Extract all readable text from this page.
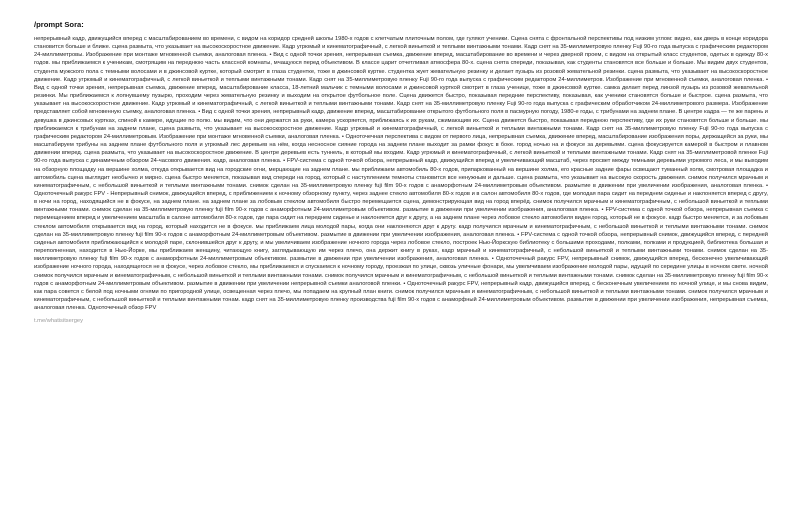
/prompt Sora:

непрерывный кадр, движущийся вперед с масштабированием во времени, с видом на коридор средней школы 1980-х годов с клетчатым плиточным полом, где гуляют ученики. Сцена снята с фронтальной перспективы под низким углом: видно, как дверь в конце коридора становится больше и ближе. сцена размыта, что указывает на высокоскоростное движение. Кадр угрюмый и кинематографичный, с легкой виньеткой и теплыми винтажными тонами. Кадр снят на 35-миллиметровую пленку Fuji 90-го года выпуска с графическим редактором 24-миллиметровы. Изображение при монтаже мгновенной съемки, аналоговая пленка. • Вид с одной точки зрения, непрерывная съемка, движение вперед, масштабирование во времени и через дверной проем, с видом на открытый класс студентов, одетых в одежду 80-х годов. мы приближаемся к ученикам, смотрящим на переднюю часть классной комнаты, мчащуюся перед объективом. В классе царит отчетливая атмосфера 80-х. сцена снята спереди, показывая, как студенты становятся все больше и больше. Мы видим двух студентов, студента мужского пола с темными волосами и в джинсовой куртке, который смотрит в глаза студентке, тоже в джинсовой куртке. студентка жует жевательную резинку и делает пузырь из розовой жевательной резинки. сцена размыта, что указывает на высокоскоростное движение. Кадр угрюмый и кинематографичный, с легкой виньеткой и теплыми винтажными тонами. Кадр снят на 35-миллиметровую пленку Fuji 90-го года выпуска с графическим редактором 24-миллиметров. Изображение при мгновенной съемки, аналоговая пленка. • Вид с одной точки зрения, непрерывная съемка, движение вперед, масштабирование класса, 18-летний мальчик с темными волосами и джинсовой курткой смотрит в глаза ученице, тоже в джинсовой куртке. самка делает перед линзой пузырь из розовой жевательной резинки. Мы приближаемся к лопнувшему пузырю, проходим через жевательную резинку и выходим на открытое футбольное поле. Сцена движется быстро, показывая передние перспективу, показывая, как ученики становятся больше и быстрое. сцена размыта, что указывает на высокоскоростное движение. Кадр угрюмый и кинематографичный, с легкой виньеткой и теплыми винтажными тонами. Кадр снят на 35-миллиметровую пленку Fuji 90-го года выпуска с графическим обработчиком 24-миллиметрового размера. Изображение представляет собой мгновенную съемку, аналоговая пленка. • Вид с одной точки зрения, непрерывный кадр, движение вперед, масштабирование открытого футбольного поля в пасмурную погоду, 1980-е годы, с трибунами на заднем плане. В центре кадра — те же парень и девушка в джинсовых куртках, спиной к камере, идущие по полю. мы видим, что они держатся за руки, камера ускоряется, приближаясь к их рукам, сжимающим их. Сцена движется быстро, показывая переднюю перспективу, где их руки становятся больше и больше. мы приближаемся к трибунам на заднем плане, сцена размыта, что указывает на высокоскоростное движение. Кадр угрюмый и кинематографичный, с легкой виньеткой и теплыми винтажными тонами. Кадр снят на 35-миллиметровую пленку Fuji 90-го года выпуска с графическим редактором 24-миллиметровым. Изображение при монтаже мгновенной съемки, аналоговая пленка. • Одноточечная перспектива с видом от первого лица, непрерывная съемка, движение вперед, масштабирование изображения поры, держащейся за руки, мы масштабируем трибуны на заднем плане футбольного поля и угрюмый лес деревьев на нём, когда несносное сияние города на заднем плане выходит за рамки фокус в боке. город ночью на и фокусе за деревьями. сцена фокусируется камерой в быстром и плавном движении вперед. сцена размыта, что указывает на высокоскоростное движение. В центре деревьев есть туннель, в который мы входим. Кадр угрюмый и кинематографичный, с легкой виньеткой и теплыми винтажными тонами. Кадр снят на 35-миллиметровой пленке Fuji 90-го года выпуска с динамичным обзором 24-часового движения. кадр, аналоговая пленка. • FPV-система с одной точкой обзора, непрерывный кадр, движущийся вперед и увеличивающий масштаб, через просвет между темными деревьями угрюмого леса, и мы выходим на обзорную площадку на вершине холма, откуда открывается вид на городские огни, мерцающие на заднем плане. мы приближаем автомобиль 80-х годов, припаркованный на вершине холма, его красные задние фары освещают туманный холм, смотровая площадка и автомобиль сцена выглядит необычно и мирно. сцена быстро меняется, показывая вид спереди на город, который с наступлением темноты становится все ненужным и дальше. сцена размыта, что указывает на высокую скорость движения. снимок получился мрачным и кинематографичным, с небольшой виньеткой и теплыми винтажными тонами. снимок сделан на 35-миллиметровую пленку fuji film 90-х годов с анаморфотным 24-миллиметровым объективом. размытие в движении при увеличении изображения, аналоговая пленка. • Одноточечный ракурс FPV - Непрерывный снимок, движущийся вперед, с приближением к ночному обзорному пункту, через заднее стекло автомобиля 80-х годов и в салон автомобиля 80-х годов, где молодая пара сидит на переднем сиденье и наклоняется вперед с другу, в ночи на город, находящийся не в фокусе, на заднем плане. на заднем плане за лобовым стеклом автомобиля быстро перемещается сцена, демонстрирующая вид на город вперёд. снимок получился мрачным и кинематографичным, с небольшой виньеткой и теплыми винтажными тонами. снимок сделан на 35-миллиметровую пленку fuji film 90-х годов с анаморфотным 24-миллиметровым объективом. размытие в движении при увеличении изображения, аналоговая пленка. • FPV-система с одной точкой обзора, непрерывная съемка с перемещением вперед и увеличением масштаба в салоне автомобиля 80-х годов, где пара сидит на переднем сиденье и наклоняется друг к другу, а на заднем плане через лобовое стекло автомобиля виден город, который не в фокусе. кадр быстро меняется, и за лобовым стеклом автомобиля открывается вид на город, который находится не в фокусе. мы приближаем лица молодой пары, когда они наклоняются друг к другу. кадр получился мрачным и кинематографичным, с небольшой виньеткой и теплыми винтажными тонами. снимок сделан на 35-миллиметровую пленку fuji film 90-х годов с анаморфотным 24-миллиметровым объективом. размытие в движении при увеличении изображения, аналоговая пленка. • FPV-система с одной точкой обзора, непрерывный снимок, движущийся вперед, с передней сиденья автомобиля приближающийся к молодой паре, склонившейся друг к другу, и мы увеличиваем изображение ночного города через лобовое стекло, построек Нью-Йоркскую библиотеку с большими проходами, полками, полками и продукцией, библиотека большая и переполненная, находится в Нью-Йорке, мы приближаем женщину, читающую книгу, заглядывающую им через плечо, она держит книгу в руках, кадр мрачный и кинематографичный, с небольшой виньеткой и теплыми винтажными тонами. снимок сделан на 35-миллиметровую пленку fuji film 90-х годов с анаморфотным 24-миллиметровым объективом. размытие в движении при увеличении изображения, аналоговая пленка. • Одноточечный ракурс FPV, непрерывный снимок, движущийся вперед, бесконечно увеличивающий изображение ночного города, находящегося не в фокусе, через лобовое стекло, мы приближаемся и спускаемся к ночному городу, проезжая по улице, сквозь уличные фонари, мы увеличиваем изображение молодой пары, идущей по середине улицы в ночном свете. ночной снимок получился мрачным и кинематографичным, с небольшой виньеткой и теплыми винтажными тонами. снимок получился мрачным и кинематографичным, с небольшой виньеткой и теплыми винтажными тонами. снимок сделан на 35-миллиметровую пленку fuji film 90-х годов с анаморфотным 24-миллиметровым объективом. размытие в движении при увеличении непрерывной съемки аналоговой пленки. • Одноточечный ракурс FPV, непрерывный кадр, движущийся вперед, с бесконечным увеличением по ночной улице, и мы снова видим, как пара совется с белой под ночными огнями по пригородной улице, освещенная через плечо, мы попадаем на крупный план книги. снимок получился мрачным и кинематографичным, с небольшой виньеткой и теплыми винтажными тонами. снимок получился мрачным и кинематографичным, с небольшой виньеткой и теплыми винтажными тонам. кадр снят на 35-миллиметровую пленку производства fuji film 90-х годов с анаморфный 24-миллиметровым объективом. размытие в движении при увеличении изображения, непрерывная съемка, аналоговая пленка. Одноточечный обзор FPV

t.me/whatisitsergey
